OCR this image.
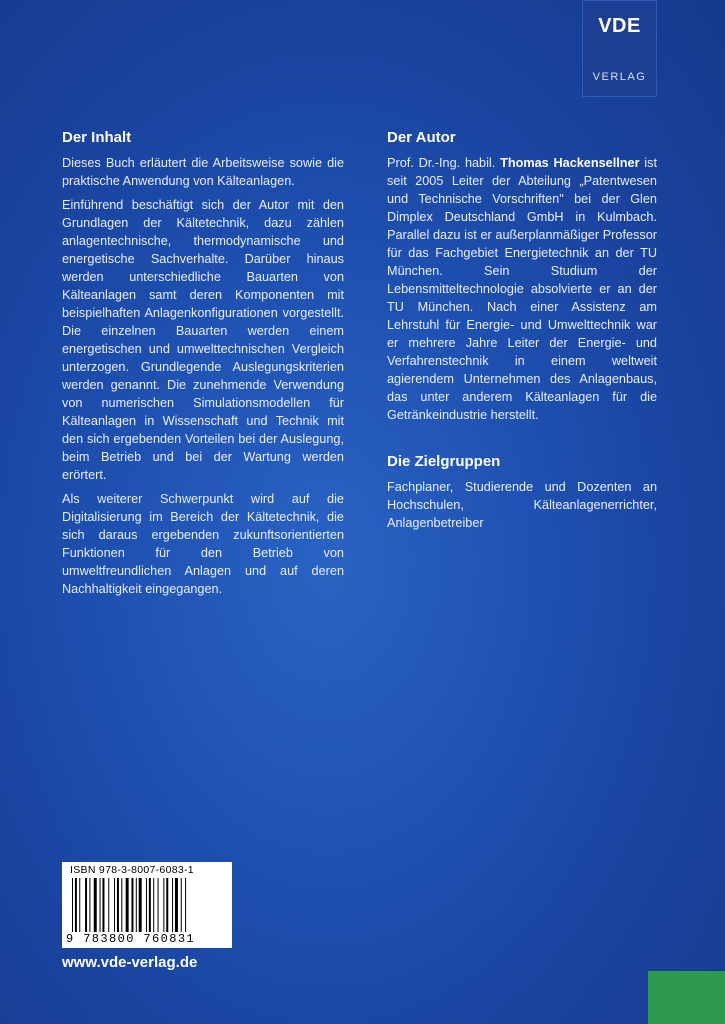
VDE
VERLAG
Der Inhalt

Dieses Buch erläutert die Arbeitsweise sowie die praktische Anwendung von Kälteanlagen.

Einführend beschäftigt sich der Autor mit den Grundlagen der Kältetechnik, dazu zählen anlagentechnische, thermodynamische und energetische Sachverhalte. Darüber hinaus werden unterschiedliche Bauarten von Kälteanlagen samt deren Komponenten mit beispielhaften Anlagenkonfigurationen vorgestellt. Die einzelnen Bauarten werden einem energetischen und umwelttechnischen Vergleich unterzogen. Grundlegende Auslegungskriterien werden genannt. Die zunehmende Verwendung von numerischen Simulationsmodellen für Kälteanlagen in Wissenschaft und Technik mit den sich ergebenden Vorteilen bei der Auslegung, beim Betrieb und bei der Wartung werden erörtert.

Als weiterer Schwerpunkt wird auf die Digitalisierung im Bereich der Kältetechnik, die sich daraus ergebenden zukunftsorientierten Funktionen für den Betrieb von umweltfreundlichen Anlagen und auf deren Nachhaltigkeit eingegangen.

Der Autor

Prof. Dr.-Ing. habil. Thomas Hackensellner ist seit 2005 Leiter der Abteilung „Patentwesen und Technische Vorschriften" bei der Glen Dimplex Deutschland GmbH in Kulmbach. Parallel dazu ist er außerplanmäßiger Professor für das Fachgebiet Energietechnik an der TU München. Sein Studium der Lebensmitteltechnologie absolvierte er an der TU München. Nach einer Assistenz am Lehrstuhl für Energie- und Umwelttechnik war er mehrere Jahre Leiter der Energie- und Verfahrenstechnik in einem weltweit agierendem Unternehmen des Anlagenbaus, das unter anderem Kälteanlagen für die Getränkeindustrie herstellt.

Die Zielgruppen

Fachplaner, Studierende und Dozenten an Hochschulen, Kälteanlagenerrichter, Anlagenbetreiber

ISBN 978-3-8007-6083-1
9 783800 760831
www.vde-verlag.de
